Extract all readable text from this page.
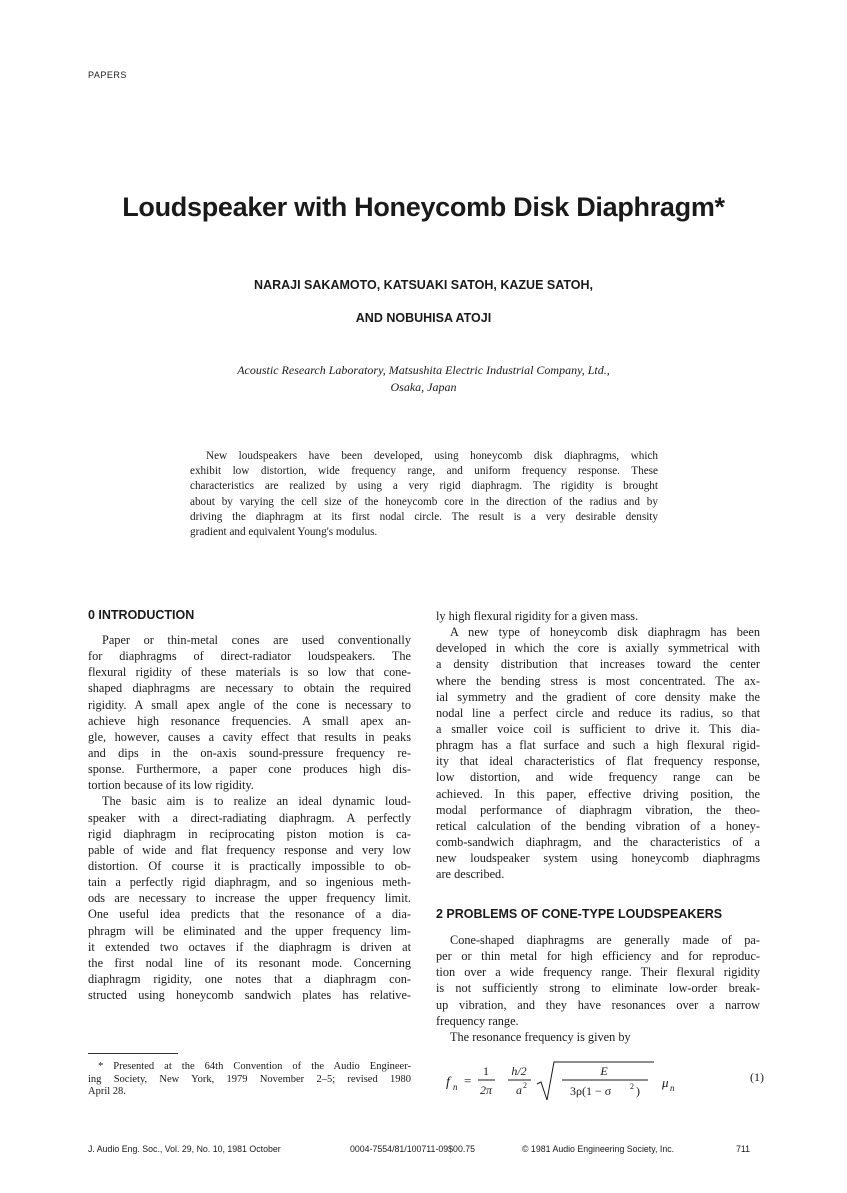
PAPERS
Loudspeaker with Honeycomb Disk Diaphragm*
NARAJI SAKAMOTO, KATSUAKI SATOH, KAZUE SATOH,
AND NOBUHISA ATOJI
Acoustic Research Laboratory, Matsushita Electric Industrial Company, Ltd.,
Osaka, Japan
New loudspeakers have been developed, using honeycomb disk diaphragms, which
exhibit low distortion, wide frequency range, and uniform frequency response. These
characteristics are realized by using a very rigid diaphragm. The rigidity is brought
about by varying the cell size of the honeycomb core in the direction of the radius and by
driving the diaphragm at its first nodal circle. The result is a very desirable density
gradient and equivalent Young's modulus.
0 INTRODUCTION
Paper or thin-metal cones are used conventionally
for diaphragms of direct-radiator loudspeakers. The
flexural rigidity of these materials is so low that cone-
shaped diaphragms are necessary to obtain the required
rigidity. A small apex angle of the cone is necessary to
achieve high resonance frequencies. A small apex an-
gle, however, causes a cavity effect that results in peaks
and dips in the on-axis sound-pressure frequency re-
sponse. Furthermore, a paper cone produces high dis-
tortion because of its low rigidity.
The basic aim is to realize an ideal dynamic loud-
speaker with a direct-radiating diaphragm. A perfectly
rigid diaphragm in reciprocating piston motion is ca-
pable of wide and flat frequency response and very low
distortion. Of course it is practically impossible to ob-
tain a perfectly rigid diaphragm, and so ingenious meth-
ods are necessary to increase the upper frequency limit.
One useful idea predicts that the resonance of a dia-
phragm will be eliminated and the upper frequency lim-
it extended two octaves if the diaphragm is driven at
the first nodal line of its resonant mode. Concerning
diaphragm rigidity, one notes that a diaphragm con-
structed using honeycomb sandwich plates has relative-
ly high flexural rigidity for a given mass.
A new type of honeycomb disk diaphragm has been
developed in which the core is axially symmetrical with
a density distribution that increases toward the center
where the bending stress is most concentrated. The ax-
ial symmetry and the gradient of core density make the
nodal line a perfect circle and reduce its radius, so that
a smaller voice coil is sufficient to drive it. This dia-
phragm has a flat surface and such a high flexural rigid-
ity that ideal characteristics of flat frequency response,
low distortion, and wide frequency range can be
achieved. In this paper, effective driving position, the
modal performance of diaphragm vibration, the theo-
retical calculation of the bending vibration of a honey-
comb-sandwich diaphragm, and the characteristics of a
new loudspeaker system using honeycomb diaphragms
are described.
2 PROBLEMS OF CONE-TYPE LOUDSPEAKERS
Cone-shaped diaphragms are generally made of pa-
per or thin metal for high efficiency and for reproduc-
tion over a wide frequency range. Their flexural rigidity
is not sufficiently strong to eliminate low-order break-
up vibration, and they have resonances over a narrow
frequency range.
The resonance frequency is given by
* Presented at the 64th Convention of the Audio Engineer-
ing Society, New York, 1979 November 2–5; revised 1980
April 28.
f n =
1
2π
h/2
a 2
E
3ρ(1 − σ 2 )
μ n
(1)
J. Audio Eng. Soc., Vol. 29, No. 10, 1981 October	0004-7554/81/100711-09$00.75	© 1981 Audio Engineering Society, Inc.	711
